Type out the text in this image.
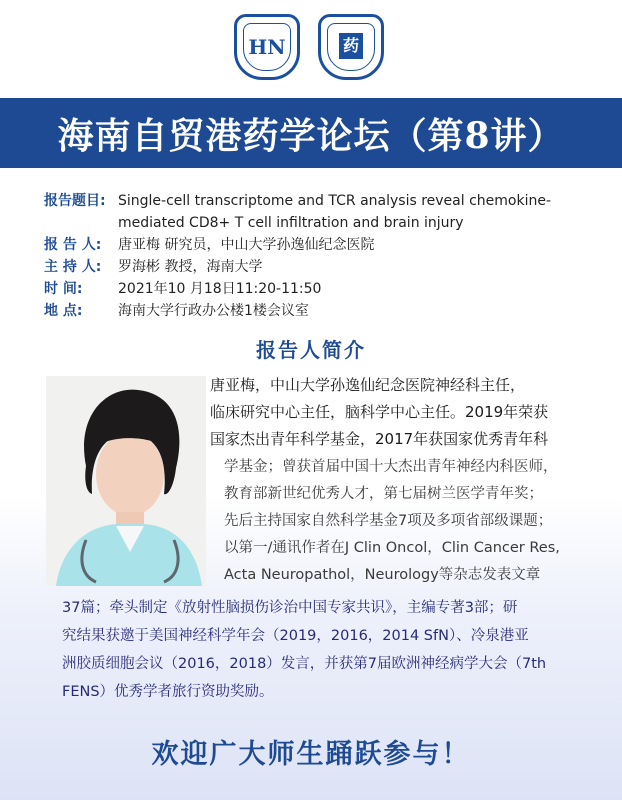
HN	药
海南自贸港药学论坛（第8讲）
报告题目: Single-cell transcriptome and TCR analysis reveal chemokine-mediated CD8+ T cell infiltration and brain injury
报 告 人:	唐亚梅 研究员，中山大学孙逸仙纪念医院
主 持 人:	罗海彬 教授，海南大学
时 间:	2021年10 月18日11:20-11:50
地 点:	海南大学行政办公楼1楼会议室
报告人简介
唐亚梅，中山大学孙逸仙纪念医院神经科主任，
临床研究中心主任，脑科学中心主任。2019年荣获
国家杰出青年科学基金，2017年获国家优秀青年科
学基金；曾获首届中国十大杰出青年神经内科医师，
教育部新世纪优秀人才，第七届树兰医学青年奖；
先后主持国家自然科学基金7项及多项省部级课题；
以第一/通讯作者在J Clin Oncol，Clin Cancer Res,
Acta Neuropathol，Neurology等杂志发表文章
37篇；牵头制定《放射性脑损伤诊治中国专家共识》，主编专著3部；研
究结果获邀于美国神经科学年会（2019，2016，2014 SfN）、冷泉港亚
洲胶质细胞会议（2016，2018）发言，并获第7届欧洲神经病学大会（7th
FENS）优秀学者旅行资助奖励。
欢迎广大师生踊跃参与！
